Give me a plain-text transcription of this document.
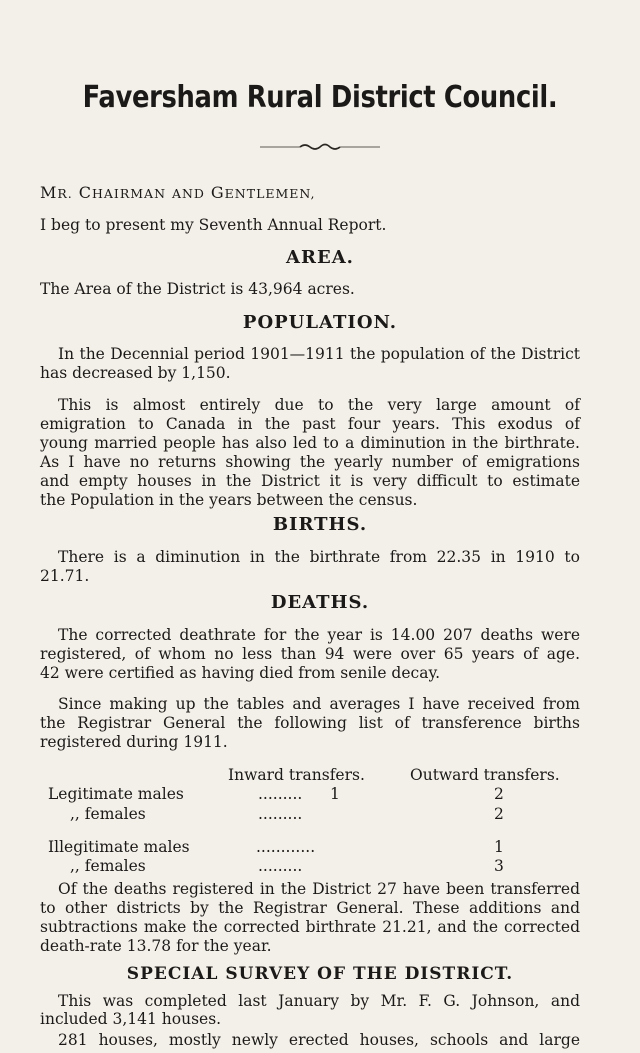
Faversham Rural District Council.
MR. CHAIRMAN AND GENTLEMEN,
I beg to present my Seventh Annual Report.
AREA.
The Area of the District is 43,964 acres.
POPULATION.
In the Decennial period 1901—1911 the population of the District
has decreased by 1,150.
This is almost entirely due to the very large amount of
emigration to Canada in the past four years. This exodus of
young married people has also led to a diminution in the birthrate.
As I have no returns showing the yearly number of emigrations
and empty houses in the District it is very difficult to estimate
the Population in the years between the census.
BIRTHS.
There is a diminution in the birthrate from 22.35 in 1910 to
21.71.
DEATHS.
The corrected deathrate for the year is 14.00 207 deaths were
registered, of whom no less than 94 were over 65 years of age.
42 were certified as having died from senile decay.
Since making up the tables and averages I have received from
the Registrar General the following list of transference births
registered during 1911.
Inward transfers.	Outward transfers.
Legitimate males	......... 1	2
,, females	.........	2
Illegitimate males	............	1
,, females	.........	3
Of the deaths registered in the District 27 have been transferred
to other districts by the Registrar General. These additions and
subtractions make the corrected birthrate 21.21, and the corrected
death-rate 13.78 for the year.
SPECIAL SURVEY OF THE DISTRICT.
This was completed last January by Mr. F. G. Johnson, and
included 3,141 houses.
281 houses, mostly newly erected houses, schools and large
